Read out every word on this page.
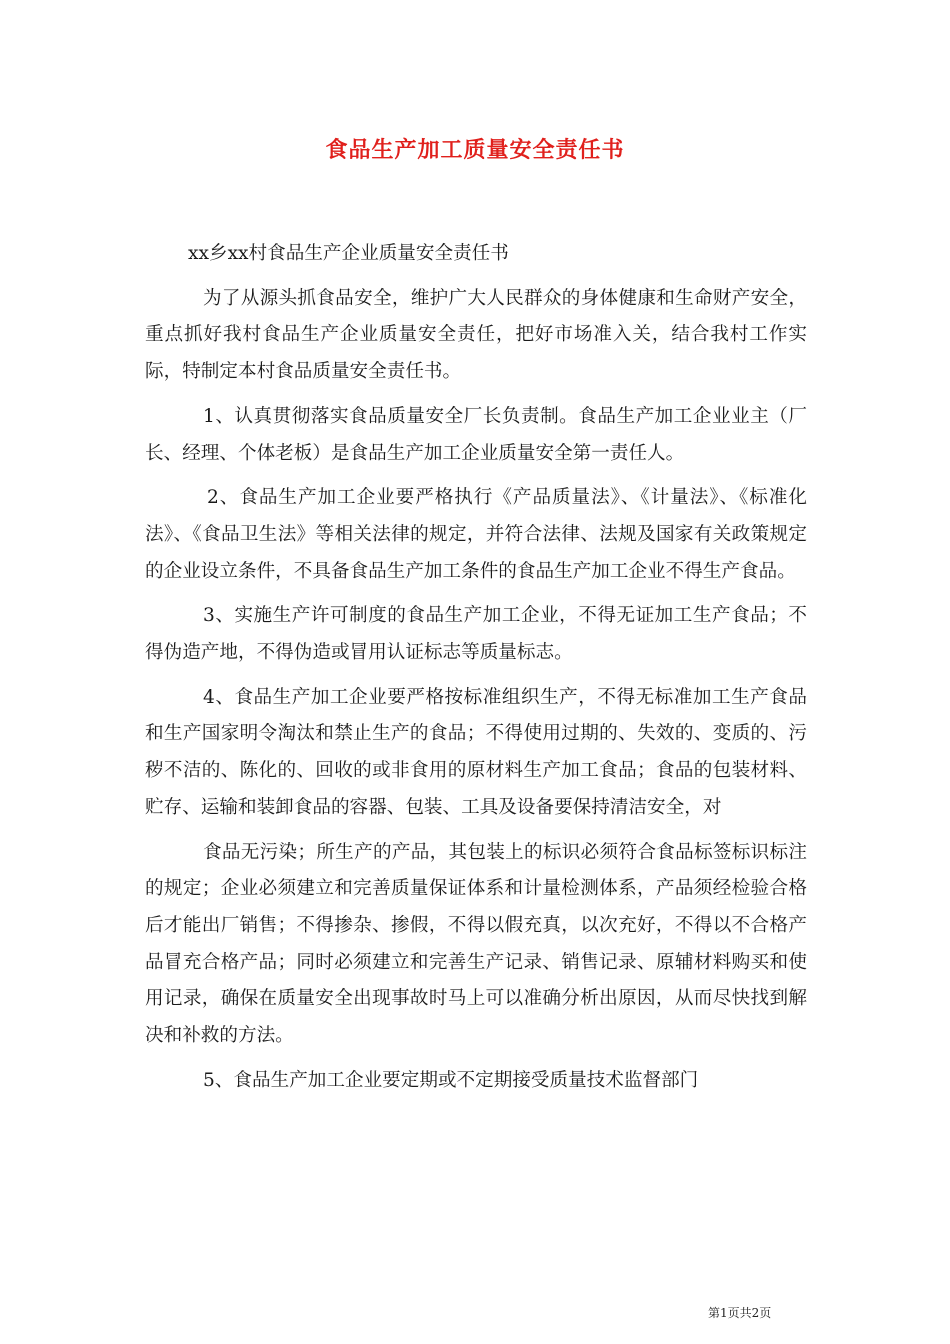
食品生产加工质量安全责任书

xx乡xx村食品生产企业质量安全责任书

为了从源头抓食品安全，维护广大人民群众的身体健康和生命财产安全，重点抓好我村食品生产企业质量安全责任，把好市场准入关，结合我村工作实际，特制定本村食品质量安全责任书。

1、认真贯彻落实食品质量安全厂长负责制。食品生产加工企业业主（厂长、经理、个体老板）是食品生产加工企业质量安全第一责任人。

2、食品生产加工企业要严格执行《产品质量法》、《计量法》、《标准化法》、《食品卫生法》等相关法律的规定，并符合法律、法规及国家有关政策规定的企业设立条件，不具备食品生产加工条件的食品生产加工企业不得生产食品。

3、实施生产许可制度的食品生产加工企业，不得无证加工生产食品；不得伪造产地，不得伪造或冒用认证标志等质量标志。

4、食品生产加工企业要严格按标准组织生产，不得无标准加工生产食品和生产国家明令淘汰和禁止生产的食品；不得使用过期的、失效的、变质的、污秽不洁的、陈化的、回收的或非食用的原材料生产加工食品；食品的包装材料、贮存、运输和装卸食品的容器、包装、工具及设备要保持清洁安全，对

食品无污染；所生产的产品，其包装上的标识必须符合食品标签标识标注的规定；企业必须建立和完善质量保证体系和计量检测体系，产品须经检验合格后才能出厂销售；不得掺杂、掺假，不得以假充真，以次充好，不得以不合格产品冒充合格产品；同时必须建立和完善生产记录、销售记录、原辅材料购买和使用记录，确保在质量安全出现事故时马上可以准确分析出原因，从而尽快找到解决和补救的方法。

5、食品生产加工企业要定期或不定期接受质量技术监督部门

第1页共2页
